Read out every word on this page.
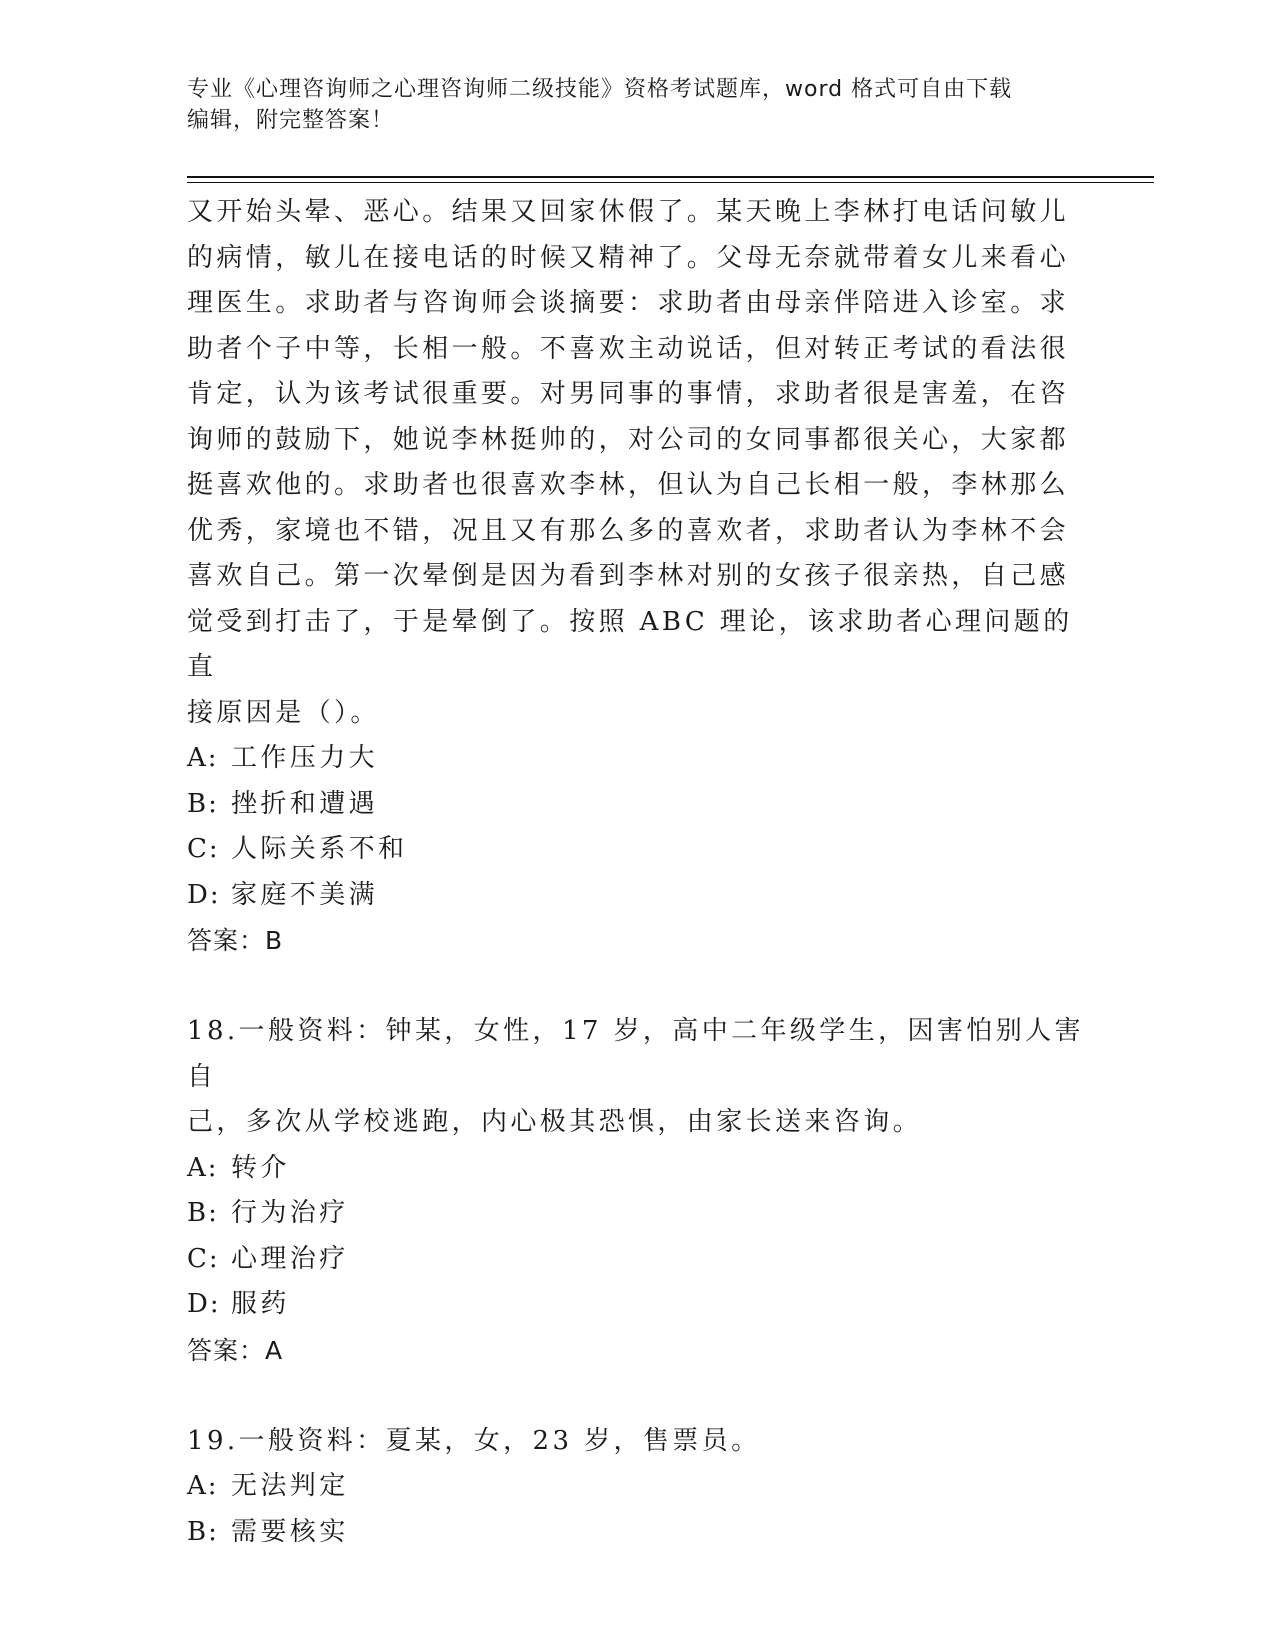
专业《心理咨询师之心理咨询师二级技能》资格考试题库，word 格式可自由下载
编辑，附完整答案！

又开始头晕、恶心。结果又回家休假了。某天晚上李林打电话问敏儿

的病情，敏儿在接电话的时候又精神了。父母无奈就带着女儿来看心

理医生。求助者与咨询师会谈摘要：求助者由母亲伴陪进入诊室。求

助者个子中等，长相一般。不喜欢主动说话，但对转正考试的看法很

肯定，认为该考试很重要。对男同事的事情，求助者很是害羞，在咨

询师的鼓励下，她说李林挺帅的，对公司的女同事都很关心，大家都

挺喜欢他的。求助者也很喜欢李林，但认为自己长相一般，李林那么

优秀，家境也不错，况且又有那么多的喜欢者，求助者认为李林不会

喜欢自己。第一次晕倒是因为看到李林对别的女孩子很亲热，自己感

觉受到打击了，于是晕倒了。按照 ABC 理论，该求助者心理问题的直

接原因是（）。

A: 工作压力大

B: 挫折和遭遇

C: 人际关系不和

D: 家庭不美满

答案：B

18.一般资料：钟某，女性，17 岁，高中二年级学生，因害怕别人害自

己，多次从学校逃跑，内心极其恐惧，由家长送来咨询。

A: 转介

B: 行为治疗

C: 心理治疗

D: 服药

答案：A

19.一般资料：夏某，女，23 岁，售票员。

A: 无法判定

B: 需要核实
